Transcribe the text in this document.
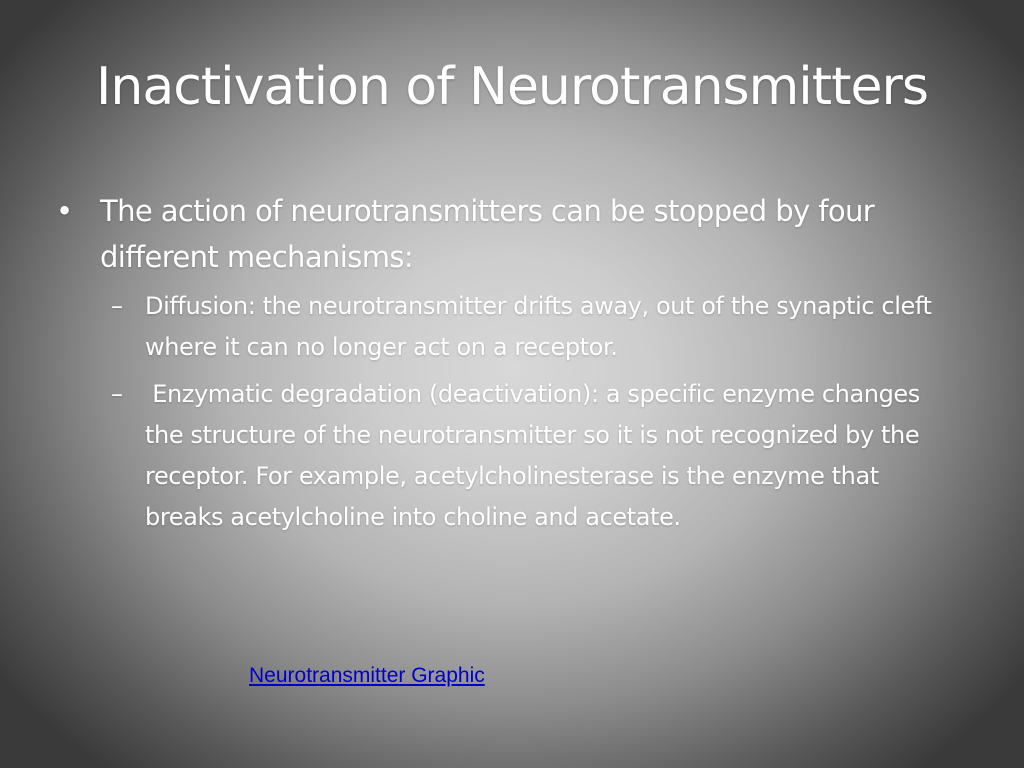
Inactivation of Neurotransmitters
• The action of neurotransmitters can be stopped by four different mechanisms:
– Diffusion: the neurotransmitter drifts away, out of the synaptic cleft where it can no longer act on a receptor.
– Enzymatic degradation (deactivation): a specific enzyme changes the structure of the neurotransmitter so it is not recognized by the receptor. For example, acetylcholinesterase is the enzyme that breaks acetylcholine into choline and acetate.
Neurotransmitter Graphic
